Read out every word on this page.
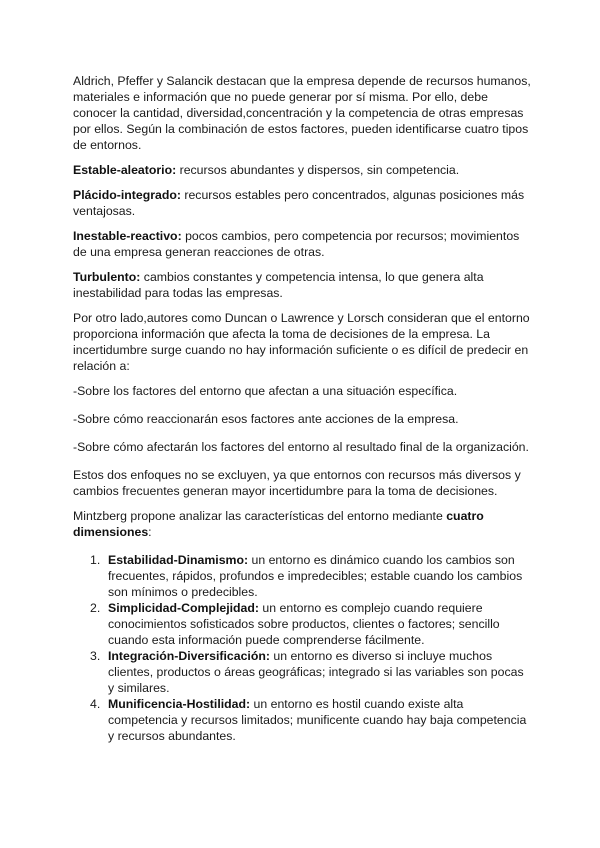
Aldrich, Pfeffer y Salancik destacan que la empresa depende de recursos humanos, materiales e información que no puede generar por sí misma. Por ello, debe conocer la cantidad, diversidad,concentración y la competencia de otras empresas por ellos. Según la combinación de estos factores, pueden identificarse cuatro tipos de entornos.

Estable-aleatorio: recursos abundantes y dispersos, sin competencia.

Plácido-integrado: recursos estables pero concentrados, algunas posiciones más ventajosas.

Inestable-reactivo: pocos cambios, pero competencia por recursos; movimientos de una empresa generan reacciones de otras.

Turbulento: cambios constantes y competencia intensa, lo que genera alta inestabilidad para todas las empresas.

Por otro lado,autores como Duncan o Lawrence y Lorsch consideran que el entorno proporciona información que afecta la toma de decisiones de la empresa. La incertidumbre surge cuando no hay información suficiente o es difícil de predecir en relación a:

-Sobre los factores del entorno que afectan a una situación específica.

-Sobre cómo reaccionarán esos factores ante acciones de la empresa.

-Sobre cómo afectarán los factores del entorno al resultado final de la organización.

Estos dos enfoques no se excluyen, ya que entornos con recursos más diversos y cambios frecuentes generan mayor incertidumbre para la toma de decisiones.

Mintzberg propone analizar las características del entorno mediante cuatro dimensiones:

1. Estabilidad-Dinamismo: un entorno es dinámico cuando los cambios son frecuentes, rápidos, profundos e impredecibles; estable cuando los cambios son mínimos o predecibles.
2. Simplicidad-Complejidad: un entorno es complejo cuando requiere conocimientos sofisticados sobre productos, clientes o factores; sencillo cuando esta información puede comprenderse fácilmente.
3. Integración-Diversificación: un entorno es diverso si incluye muchos clientes, productos o áreas geográficas; integrado si las variables son pocas y similares.
4. Munificencia-Hostilidad: un entorno es hostil cuando existe alta competencia y recursos limitados; munificente cuando hay baja competencia y recursos abundantes.
